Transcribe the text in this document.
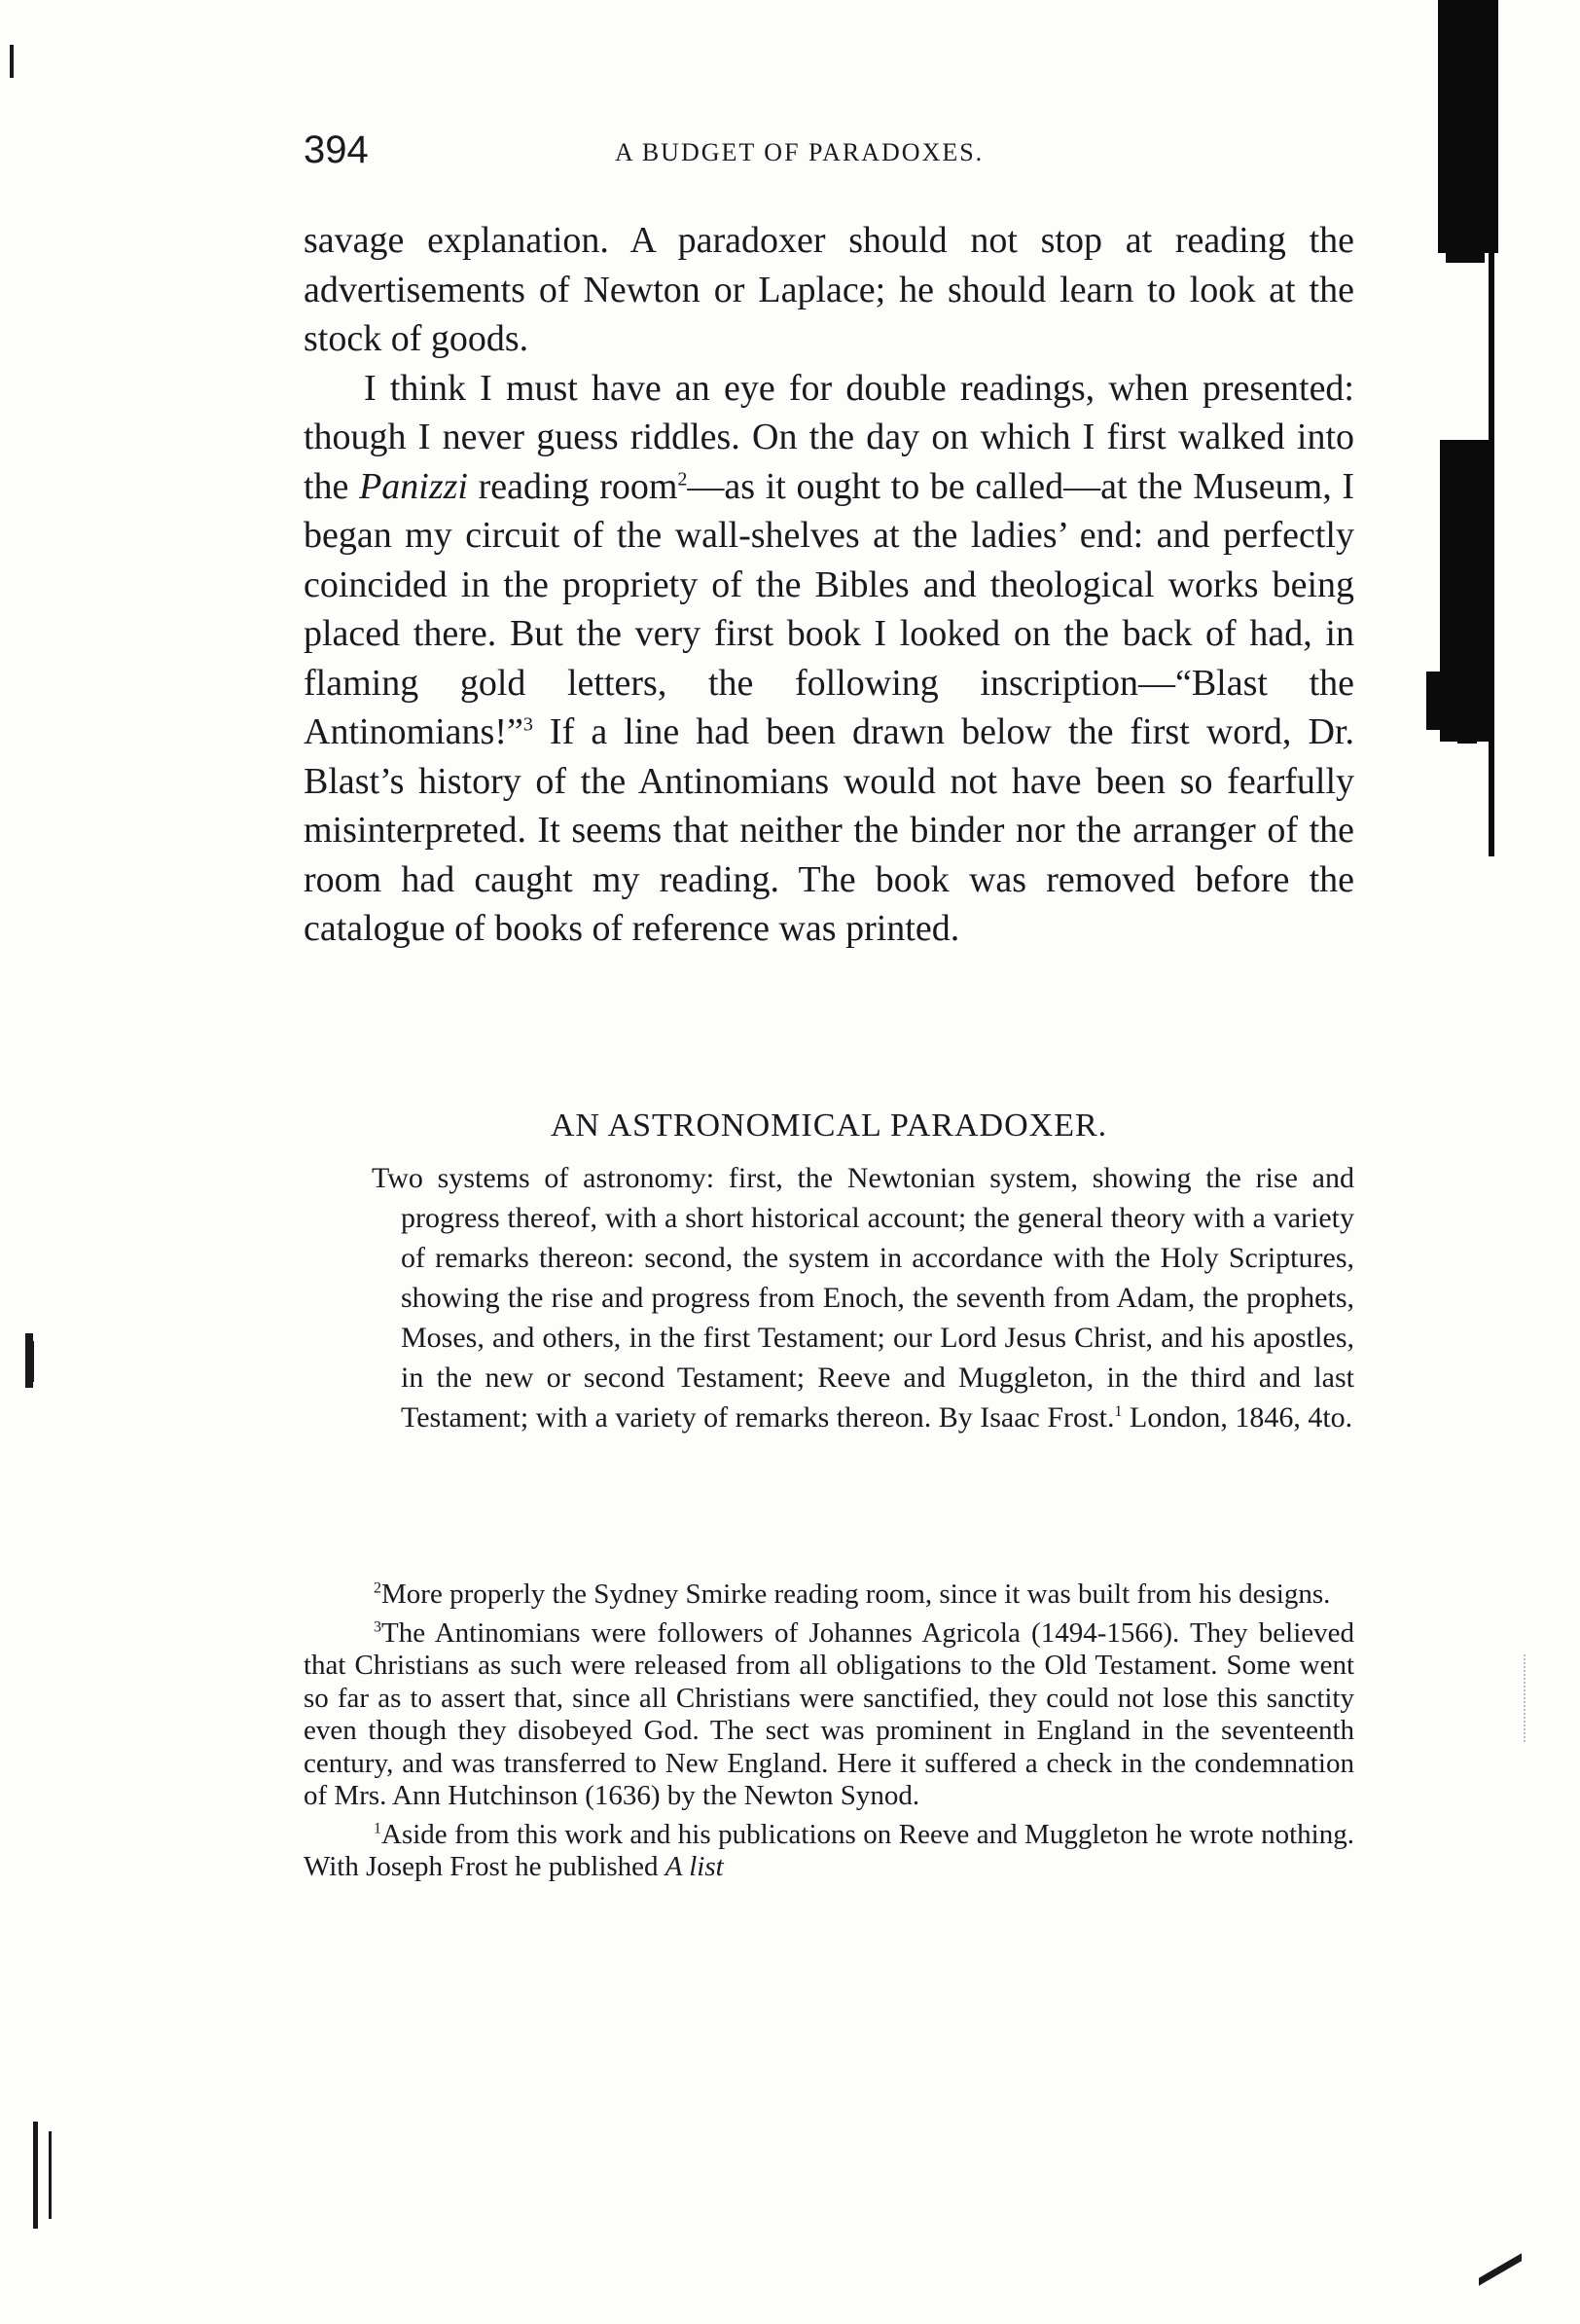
394	A BUDGET OF PARADOXES.

savage explanation. A paradoxer should not stop at reading the advertisements of Newton or Laplace; he should learn to look at the stock of goods.

I think I must have an eye for double readings, when presented: though I never guess riddles. On the day on which I first walked into the Panizzi reading room$^2$—as it ought to be called—at the Museum, I began my circuit of the wall-shelves at the ladies’ end: and perfectly coincided in the propriety of the Bibles and theological works being placed there. But the very first book I looked on the back of had, in flaming gold letters, the following inscription—“Blast the Antinomians!”$^3$ If a line had been drawn below the first word, Dr. Blast’s history of the Antinomians would not have been so fearfully misinterpreted. It seems that neither the binder nor the arranger of the room had caught my reading. The book was removed before the catalogue of books of reference was printed.

AN ASTRONOMICAL PARADOXER.

Two systems of astronomy: first, the Newtonian system, showing the rise and progress thereof, with a short historical account; the general theory with a variety of remarks thereon: second, the system in accordance with the Holy Scriptures, showing the rise and progress from Enoch, the seventh from Adam, the prophets, Moses, and others, in the first Testament; our Lord Jesus Christ, and his apostles, in the new or second Testament; Reeve and Muggleton, in the third and last Testament; with a variety of remarks thereon. By Isaac Frost.$^1$ London, 1846, 4to.

$^2$More properly the Sydney Smirke reading room, since it was built from his designs.

$^3$The Antinomians were followers of Johannes Agricola (1494-1566). They believed that Christians as such were released from all obligations to the Old Testament. Some went so far as to assert that, since all Christians were sanctified, they could not lose this sanctity even though they disobeyed God. The sect was prominent in England in the seventeenth century, and was transferred to New England. Here it suffered a check in the condemnation of Mrs. Ann Hutchinson (1636) by the Newton Synod.

$^1$Aside from this work and his publications on Reeve and Muggleton he wrote nothing. With Joseph Frost he published A list
